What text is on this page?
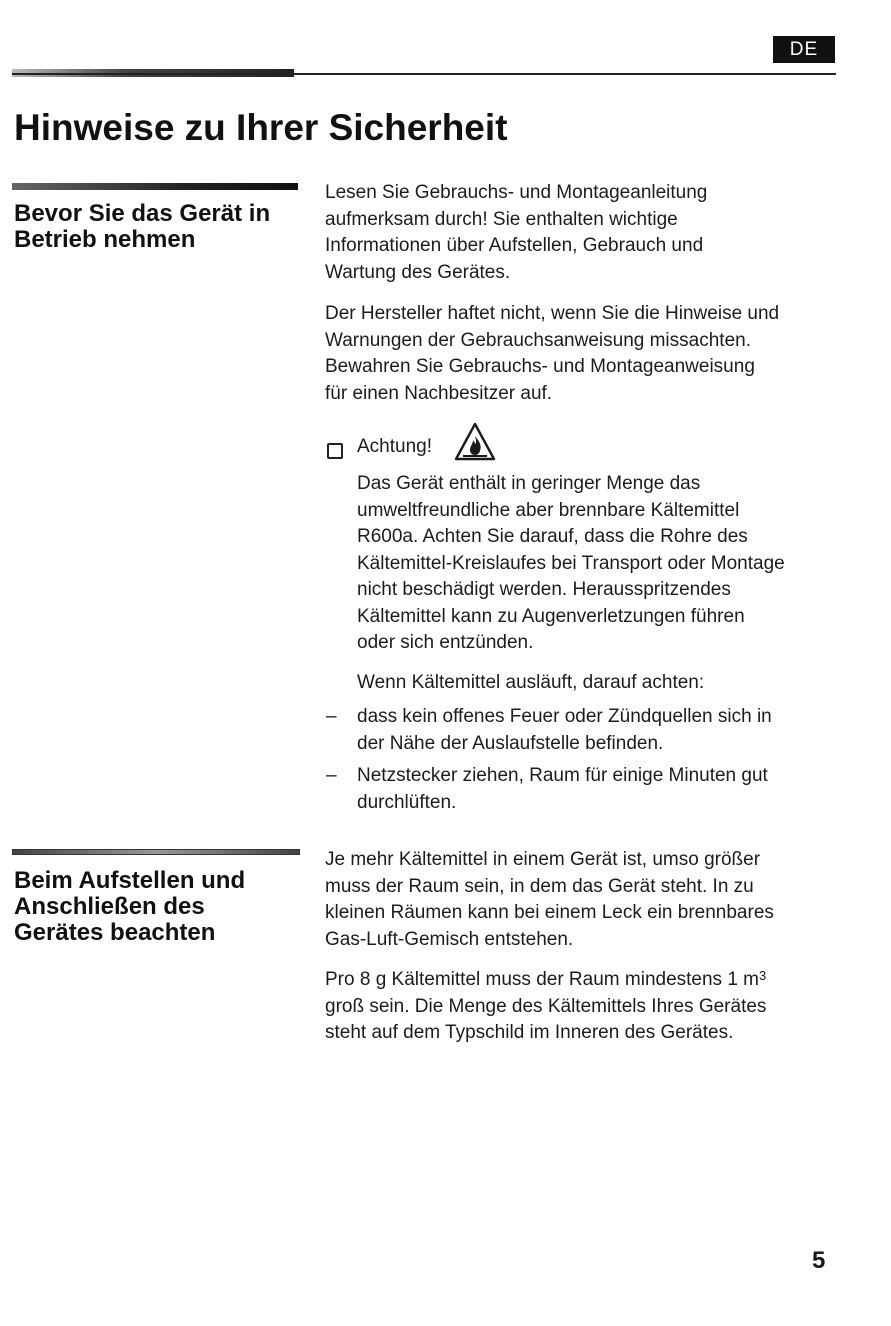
DE
Hinweise zu Ihrer Sicherheit
Bevor Sie das Gerät in
Betrieb nehmen

Lesen Sie Gebrauchs- und Montageanleitung
aufmerksam durch! Sie enthalten wichtige
Informationen über Aufstellen, Gebrauch und
Wartung des Gerätes.

Der Hersteller haftet nicht, wenn Sie die Hinweise und
Warnungen der Gebrauchsanweisung missachten.
Bewahren Sie Gebrauchs- und Montageanweisung
für einen Nachbesitzer auf.

Achtung!

Das Gerät enthält in geringer Menge das
umweltfreundliche aber brennbare Kältemittel
R600a. Achten Sie darauf, dass die Rohre des
Kältemittel-Kreislaufes bei Transport oder Montage
nicht beschädigt werden. Herausspritzendes
Kältemittel kann zu Augenverletzungen führen
oder sich entzünden.

Wenn Kältemittel ausläuft, darauf achten:

– dass kein offenes Feuer oder Zündquellen sich in
der Nähe der Auslaufstelle befinden.

– Netzstecker ziehen, Raum für einige Minuten gut
durchlüften.

Beim Aufstellen und
Anschließen des
Gerätes beachten

Je mehr Kältemittel in einem Gerät ist, umso größer
muss der Raum sein, in dem das Gerät steht. In zu
kleinen Räumen kann bei einem Leck ein brennbares
Gas-Luft-Gemisch entstehen.

Pro 8 g Kältemittel muss der Raum mindestens 1 $m^3$
groß sein. Die Menge des Kältemittels Ihres Gerätes
steht auf dem Typschild im Inneren des Gerätes.

5
